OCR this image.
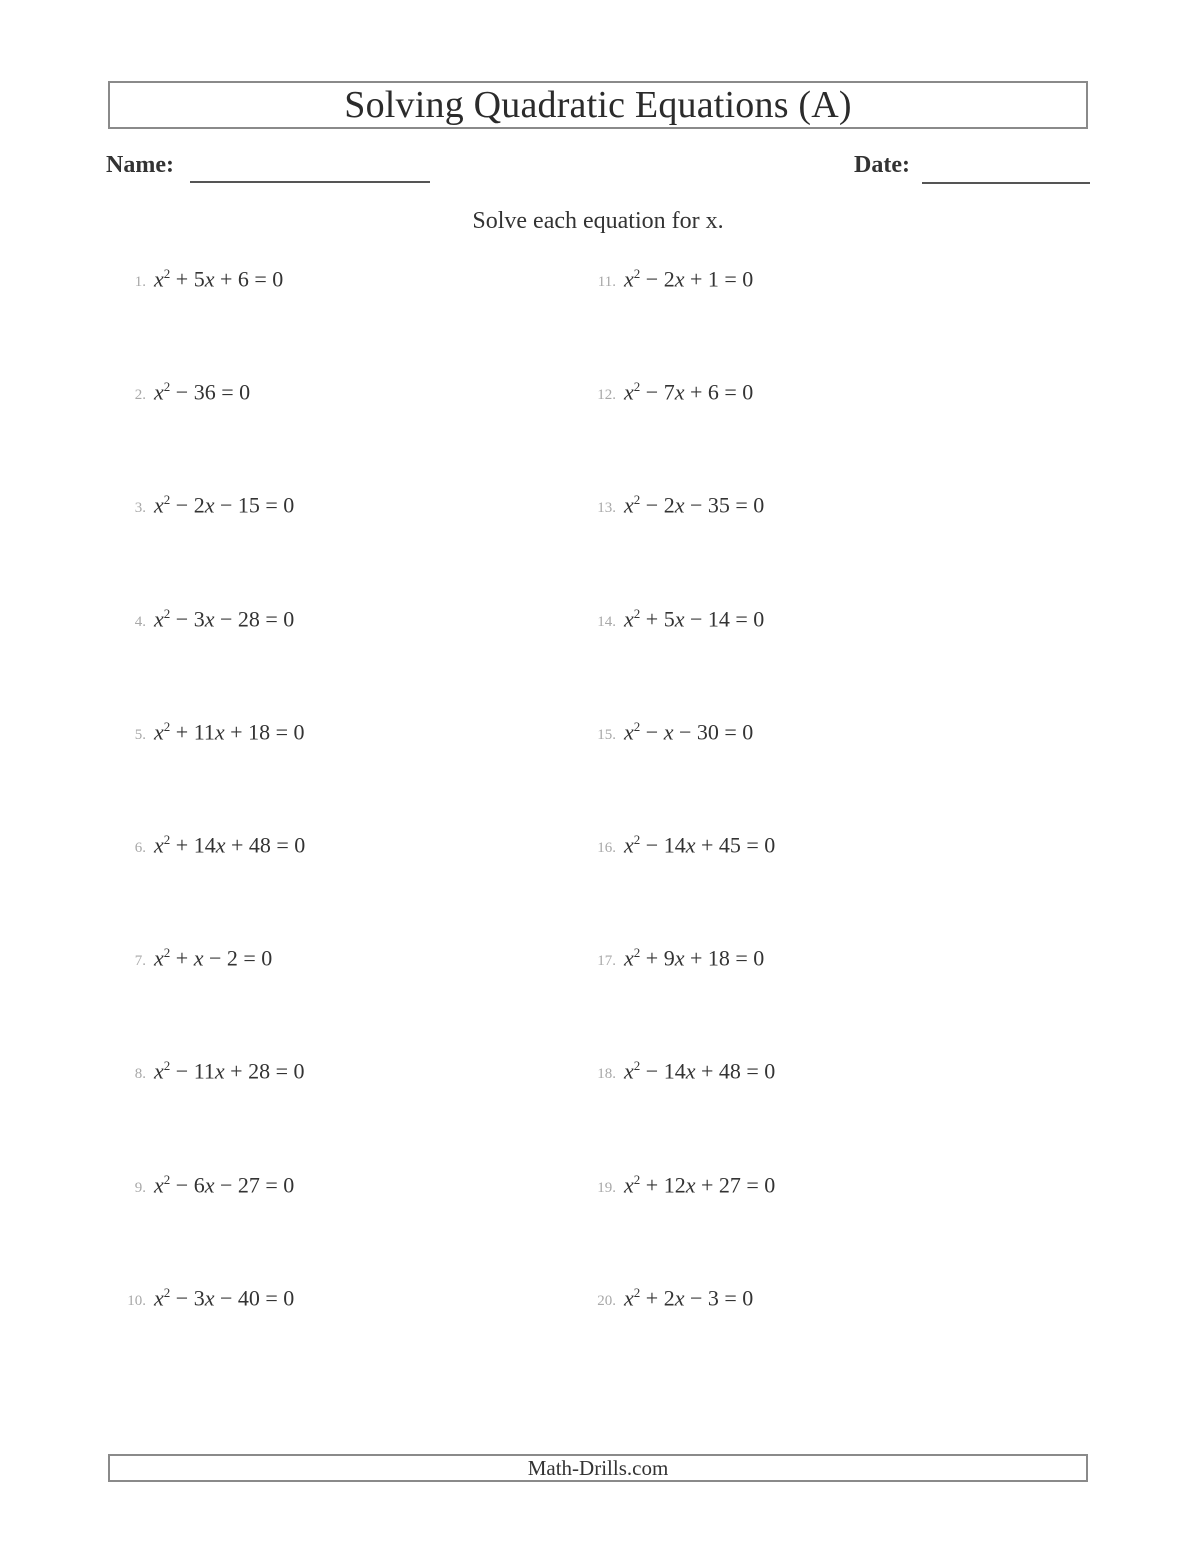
Solving Quadratic Equations (A)
Name:	Date:
Solve each equation for x.
1. $x^2 + 5x + 6 = 0$
2. $x^2 - 36 = 0$
3. $x^2 - 2x - 15 = 0$
4. $x^2 - 3x - 28 = 0$
5. $x^2 + 11x + 18 = 0$
6. $x^2 + 14x + 48 = 0$
7. $x^2 + x - 2 = 0$
8. $x^2 - 11x + 28 = 0$
9. $x^2 - 6x - 27 = 0$
10. $x^2 - 3x - 40 = 0$
11. $x^2 - 2x + 1 = 0$
12. $x^2 - 7x + 6 = 0$
13. $x^2 - 2x - 35 = 0$
14. $x^2 + 5x - 14 = 0$
15. $x^2 - x - 30 = 0$
16. $x^2 - 14x + 45 = 0$
17. $x^2 + 9x + 18 = 0$
18. $x^2 - 14x + 48 = 0$
19. $x^2 + 12x + 27 = 0$
20. $x^2 + 2x - 3 = 0$
Math-Drills.com
